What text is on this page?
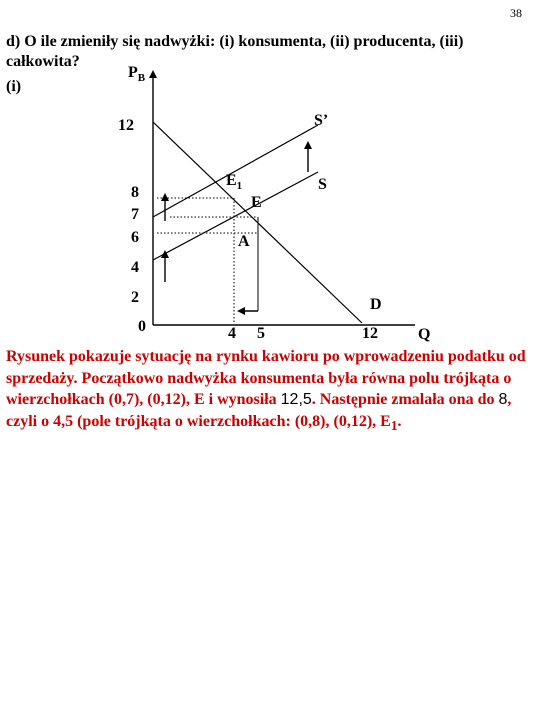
38
d) O ile zmieniły się nadwyżki: (i) konsumenta, (ii) producenta, (iii) całkowita?
(i)
$P_B$
Q
12
8
7
6
4
2
0	4 5	12
S’
S
D
$E_1$
E
A
Rysunek pokazuje sytuację na rynku kawioru po wprowadzeniu podatku od sprzedaży. Początkowo nadwyżka konsumenta była równa polu trójkąta o wierzchołkach (0,7), (0,12), E i wynosiła 12,5. Następnie zmalała ona do 8, czyli o 4,5 (pole trójkąta o wierzchołkach: (0,8), (0,12), $E_1$.
